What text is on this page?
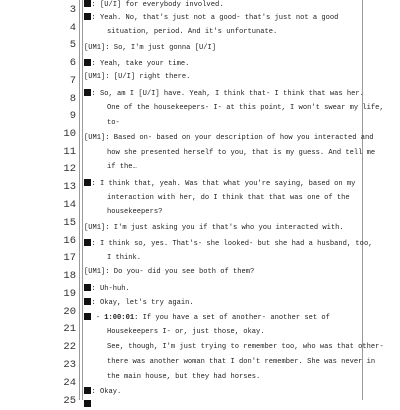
3
4
5
6
7
8
9
10
11
12
13
14
15
16
17
18
19
20
21
22
23
24
25
: [U/I] for everybody involved.
: Yeah. No, that's just not a good- that's just not a good
situation, period. And it's unfortunate.
[UM1]: So, I'm just gonna [U/I]
: Yeah, take your time.
[UM1]: [U/I] right there.
: So, am I [U/I] have. Yeah, I think that- I think that was her.
One of the housekeepers- I- at this point, I won't swear my life,
to-
[UM1]: Based on- based on your description of how you interacted and
how she presented herself to you, that is my guess. And tell me
if the…
: I think that, yeah. Was that what you're saying, based on my
interaction with her, do I think that that was one of the
housekeepers?
[UM1]: I'm just asking you if that's who you interacted with.
: I think so, yes. That's- she looked- but she had a husband, too,
I think.
[UM1]: Do you- did you see both of them?
: Uh-huh.
: Okay, let's try again.
- 1:00:01: If you have a set of another- another set of
Housekeepers I- or, just those, okay.
See, though, I'm just trying to remember too, who was that other-
there was another woman that I don't remember. She was never in
the main house, but they had horses.
: Okay.
